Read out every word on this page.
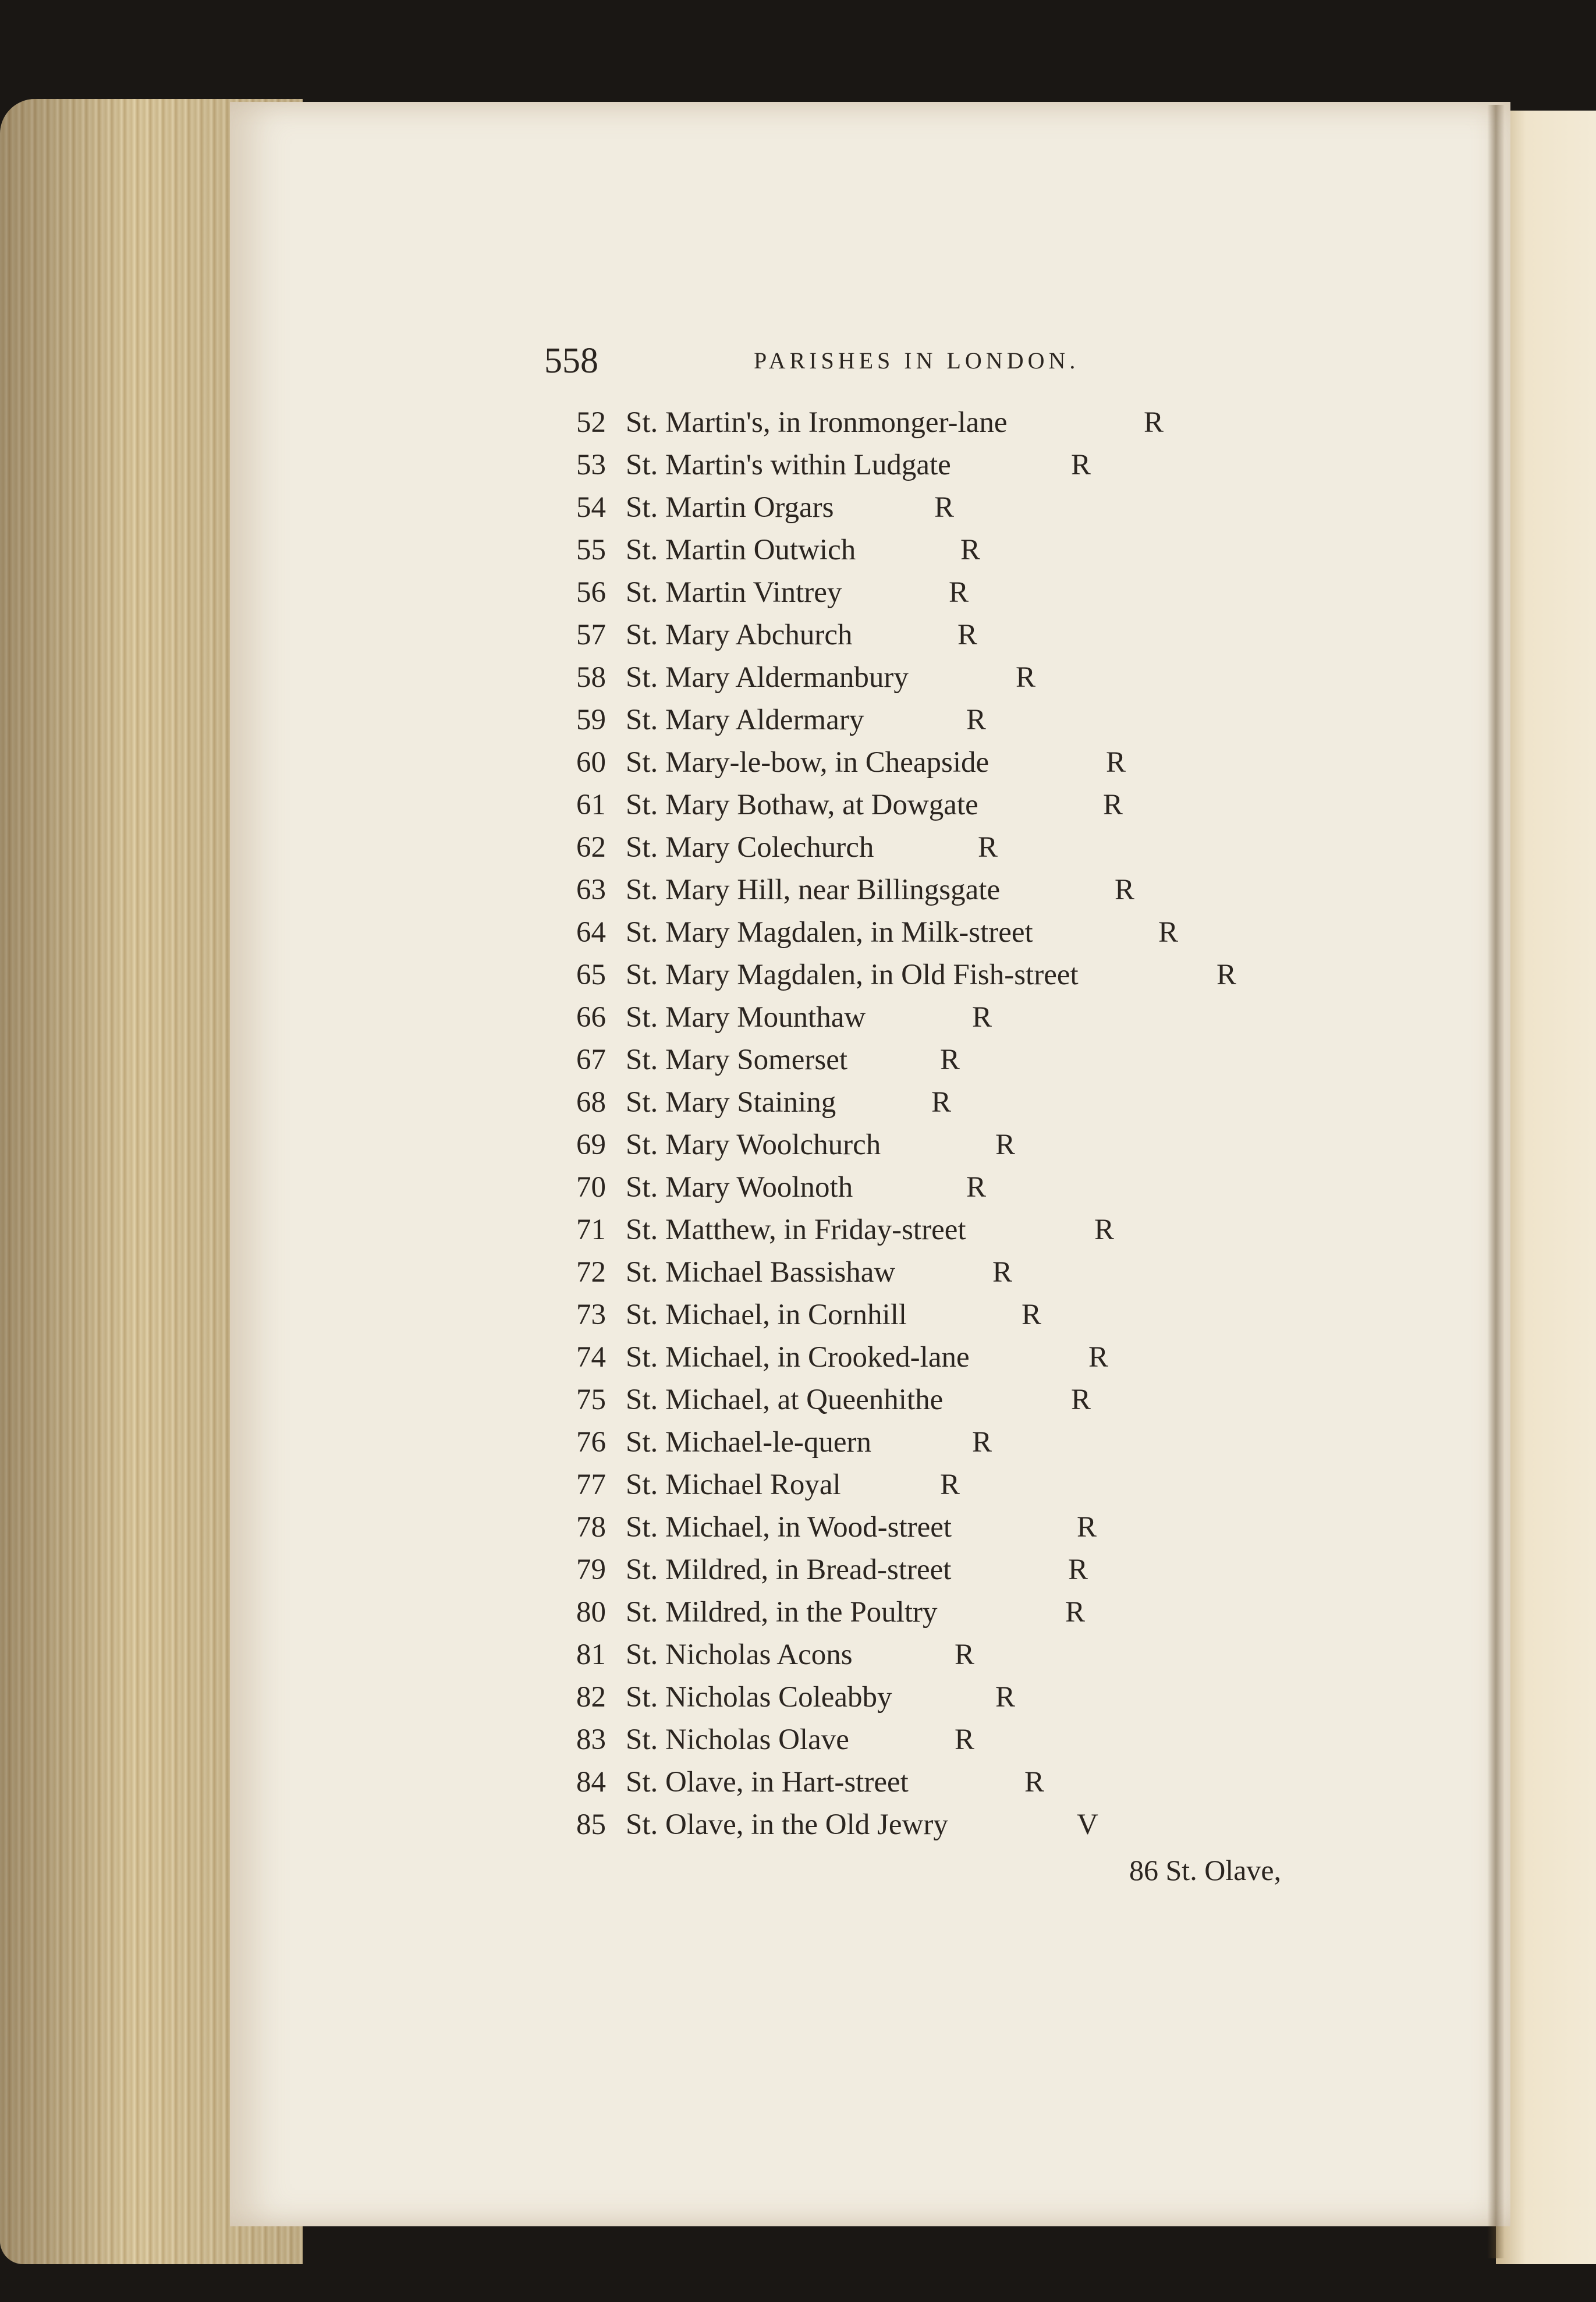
558	PARISHES IN LONDON.
52 St. Martin's, in Ironmonger-lane	R
53 St. Martin's within Ludgate	R
54 St. Martin Orgars	R
55 St. Martin Outwich	R
56 St. Martin Vintrey	R
57 St. Mary Abchurch	R
58 St. Mary Aldermanbury	R
59 St. Mary Aldermary	R
60 St. Mary-le-bow, in Cheapside	R
61 St. Mary Bothaw, at Dowgate	R
62 St. Mary Colechurch	R
63 St. Mary Hill, near Billingsgate	R
64 St. Mary Magdalen, in Milk-street	R
65 St. Mary Magdalen, in Old Fish-street	R
66 St. Mary Mounthaw	R
67 St. Mary Somerset	R
68 St. Mary Staining	R
69 St. Mary Woolchurch	R
70 St. Mary Woolnoth	R
71 St. Matthew, in Friday-street	R
72 St. Michael Bassishaw	R
73 St. Michael, in Cornhill	R
74 St. Michael, in Crooked-lane	R
75 St. Michael, at Queenhithe	R
76 St. Michael-le-quern	R
77 St. Michael Royal	R
78 St. Michael, in Wood-street	R
79 St. Mildred, in Bread-street	R
80 St. Mildred, in the Poultry	R
81 St. Nicholas Acons	R
82 St. Nicholas Coleabby	R
83 St. Nicholas Olave	R
84 St. Olave, in Hart-street	R
85 St. Olave, in the Old Jewry	V
86 St. Olave,
